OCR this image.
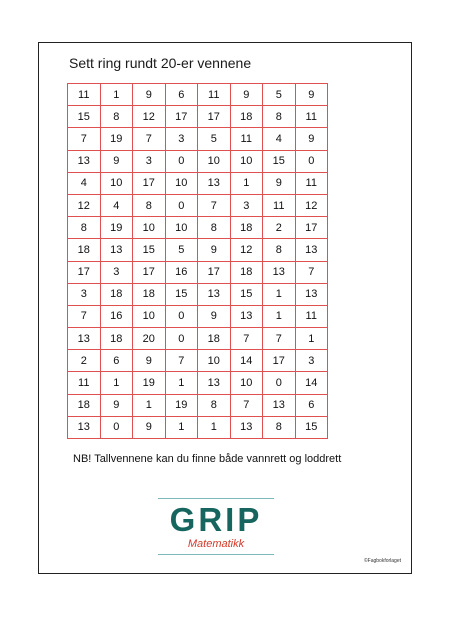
Sett ring rundt 20-er vennene
11	1	9	6	11	9	5	9
15	8	12	17	17	18	8	11
7	19	7	3	5	11	4	9
13	9	3	0	10	10	15	0
4	10	17	10	13	1	9	11
12	4	8	0	7	3	11	12
8	19	10	10	8	18	2	17
18	13	15	5	9	12	8	13
17	3	17	16	17	18	13	7
3	18	18	15	13	15	1	13
7	16	10	0	9	13	1	11
13	18	20	0	18	7	7	1
2	6	9	7	10	14	17	3
11	1	19	1	13	10	0	14
18	9	1	19	8	7	13	6
13	0	9	1	1	13	8	15
NB! Tallvennene kan du finne både vannrett og loddrett
GRIP
Matematikk
©Fagbokforlaget
